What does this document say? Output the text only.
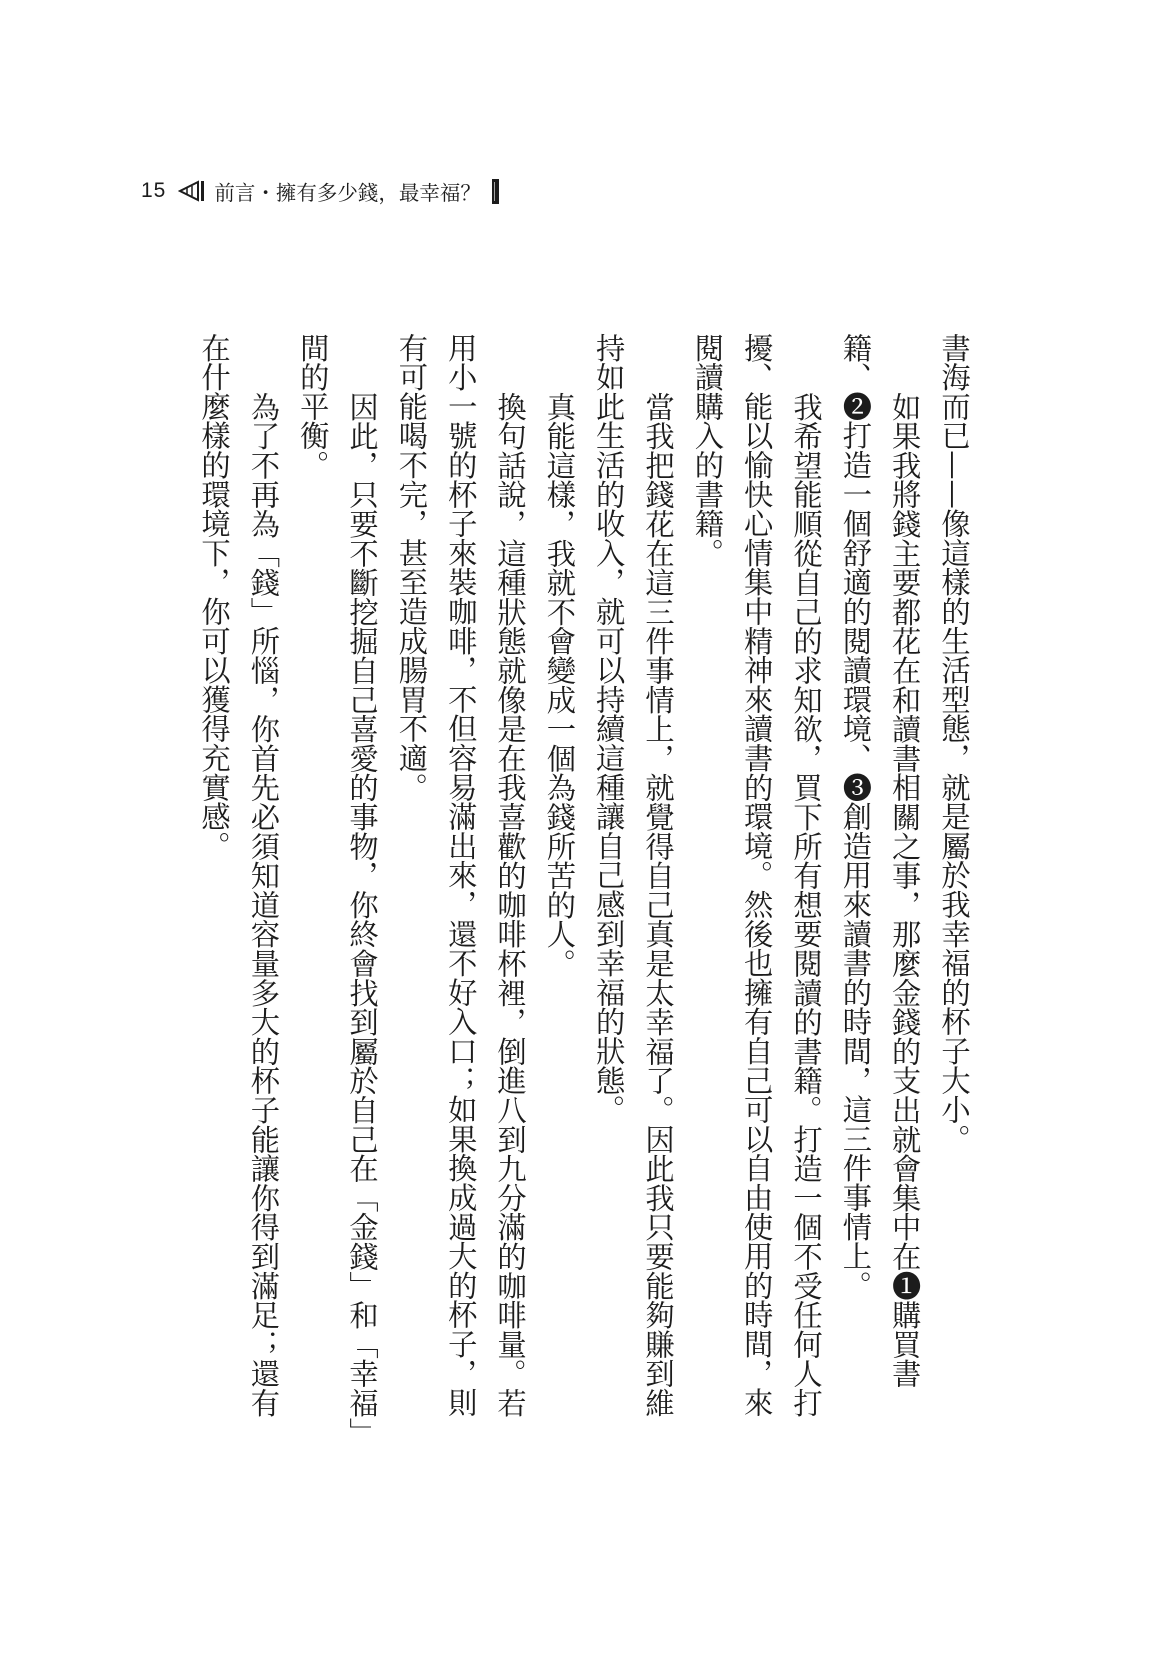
15 前言・擁有多少錢，最幸福？
書海而已——像這樣的生活型態，就是屬於我幸福的杯子大小。
如果我將錢主要都花在和讀書相關之事，那麼金錢的支出就會集中在❶購買書
籍、❷打造一個舒適的閱讀環境、❸創造用來讀書的時間，這三件事情上。
我希望能順從自己的求知欲，買下所有想要閱讀的書籍。打造一個不受任何人打
擾、能以愉快心情集中精神來讀書的環境。然後也擁有自己可以自由使用的時間，來
閱讀購入的書籍。
當我把錢花在這三件事情上，就覺得自己真是太幸福了。因此我只要能夠賺到維
持如此生活的收入，就可以持續這種讓自己感到幸福的狀態。
真能這樣，我就不會變成一個為錢所苦的人。
換句話說，這種狀態就像是在我喜歡的咖啡杯裡，倒進八到九分滿的咖啡量。若
用小一號的杯子來裝咖啡，不但容易滿出來，還不好入口；如果換成過大的杯子，則
有可能喝不完，甚至造成腸胃不適。
因此，只要不斷挖掘自己喜愛的事物，你終會找到屬於自己在「金錢」和「幸福」
間的平衡。
為了不再為「錢」所惱，你首先必須知道容量多大的杯子能讓你得到滿足；還有
在什麼樣的環境下，你可以獲得充實感。
